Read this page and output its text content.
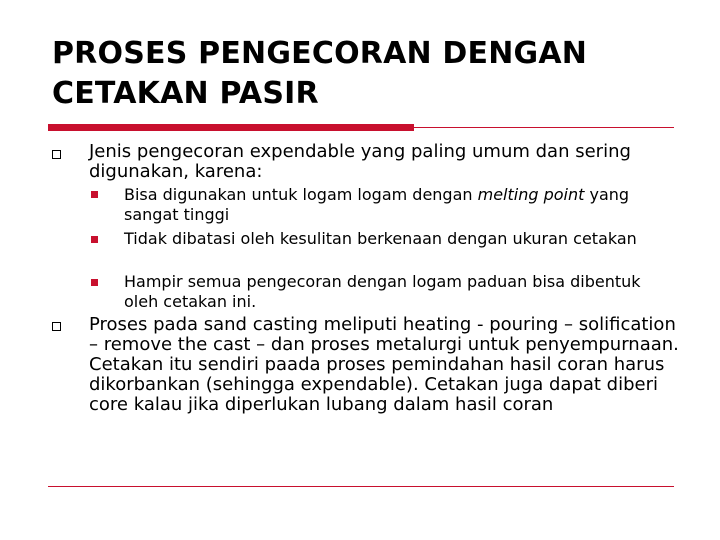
PROSES PENGECORAN DENGAN CETAKAN PASIR
Jenis pengecoran expendable yang paling umum dan sering digunakan, karena:
Bisa digunakan untuk logam logam dengan melting point yang sangat tinggi
Tidak dibatasi oleh kesulitan berkenaan dengan ukuran cetakan
Hampir semua pengecoran dengan logam paduan bisa dibentuk oleh cetakan ini.
Proses pada sand casting meliputi heating - pouring – solification – remove the cast – dan proses metalurgi untuk penyempurnaan. Cetakan itu sendiri paada proses pemindahan hasil coran harus dikorbankan (sehingga expendable). Cetakan juga dapat diberi core kalau jika diperlukan lubang dalam hasil coran
